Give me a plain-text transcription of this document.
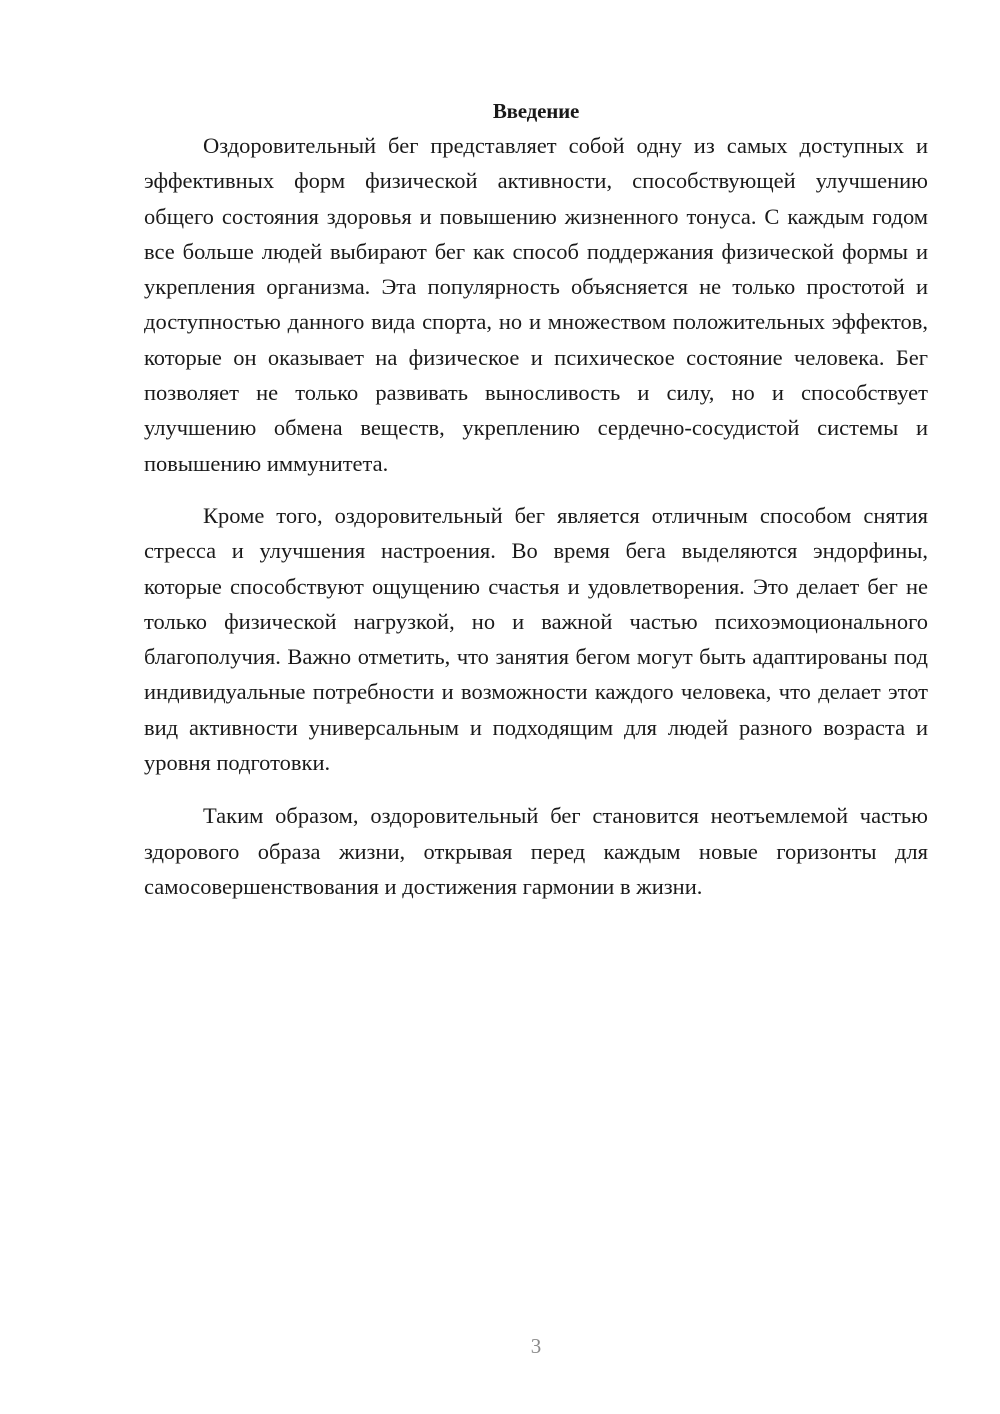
Введение

Оздоровительный бег представляет собой одну из самых доступных и эффективных форм физической активности, способствующей улучшению общего состояния здоровья и повышению жизненного тонуса. С каждым годом все больше людей выбирают бег как способ поддержания физической формы и укрепления организма. Эта популярность объясняется не только простотой и доступностью данного вида спорта, но и множеством положительных эффектов, которые он оказывает на физическое и психическое состояние человека. Бег позволяет не только развивать выносливость и силу, но и способствует улучшению обмена веществ, укреплению сердечно-сосудистой системы и повышению иммунитета.

Кроме того, оздоровительный бег является отличным способом снятия стресса и улучшения настроения. Во время бега выделяются эндорфины, которые способствуют ощущению счастья и удовлетворения. Это делает бег не только физической нагрузкой, но и важной частью психоэмоционального благополучия. Важно отметить, что занятия бегом могут быть адаптированы под индивидуальные потребности и возможности каждого человека, что делает этот вид активности универсальным и подходящим для людей разного возраста и уровня подготовки.

Таким образом, оздоровительный бег становится неотъемлемой частью здорового образа жизни, открывая перед каждым новые горизонты для самосовершенствования и достижения гармонии в жизни.

3
